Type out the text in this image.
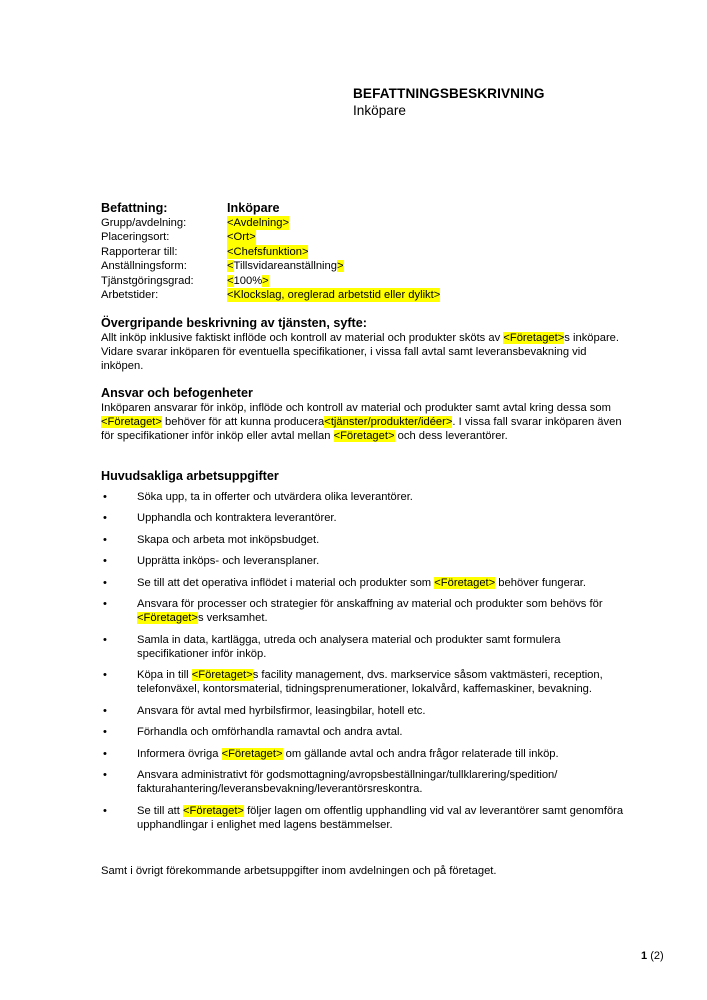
BEFATTNINGSBESKRIVNING
Inköpare
Befattning:	Inköpare
Grupp/avdelning:	<Avdelning>
Placeringsort:	<Ort>
Rapporterar till:	<Chefsfunktion>
Anställningsform:	<Tillsvidareanställning>
Tjänstgöringsgrad:	<100%>
Arbetstider:	<Klockslag, oreglerad arbetstid eller dylikt>
Övergripande beskrivning av tjänsten, syfte:

Allt inköp inklusive faktiskt inflöde och kontroll av material och produkter sköts av <Företaget>s inköpare. Vidare svarar inköparen för eventuella specifikationer, i vissa fall avtal samt leveransbevakning vid inköpen.

Ansvar och befogenheter

Inköparen ansvarar för inköp, inflöde och kontroll av material och produkter samt avtal kring dessa som <Företaget> behöver för att kunna producera<tjänster/produkter/idéer>. I vissa fall svarar inköparen även för specifikationer inför inköp eller avtal mellan <Företaget> och dess leverantörer.

Huvudsakliga arbetsuppgifter
•	Söka upp, ta in offerter och utvärdera olika leverantörer.
•	Upphandla och kontraktera leverantörer.
•	Skapa och arbeta mot inköpsbudget.
•	Upprätta inköps- och leveransplaner.
•	Se till att det operativa inflödet i material och produkter som <Företaget> behöver fungerar.
•	Ansvara för processer och strategier för anskaffning av material och produkter som behövs för <Företaget>s verksamhet.
•	Samla in data, kartlägga, utreda och analysera material och produkter samt formulera specifikationer inför inköp.
•	Köpa in till <Företaget>s facility management, dvs. markservice såsom vaktmästeri, reception, telefonväxel, kontorsmaterial, tidningsprenumerationer, lokalvård, kaffemaskiner, bevakning.
•	Ansvara för avtal med hyrbilsfirmor, leasingbilar, hotell etc.
•	Förhandla och omförhandla ramavtal och andra avtal.
•	Informera övriga <Företaget> om gällande avtal och andra frågor relaterade till inköp.
•	Ansvara administrativt för godsmottagning/avropsbeställningar/tullklarering/spedition/ fakturahantering/leveransbevakning/leverantörsreskontra.
•	Se till att <Företaget> följer lagen om offentlig upphandling vid val av leverantörer samt genomföra upphandlingar i enlighet med lagens bestämmelser.
Samt i övrigt förekommande arbetsuppgifter inom avdelningen och på företaget.
1 (2)
